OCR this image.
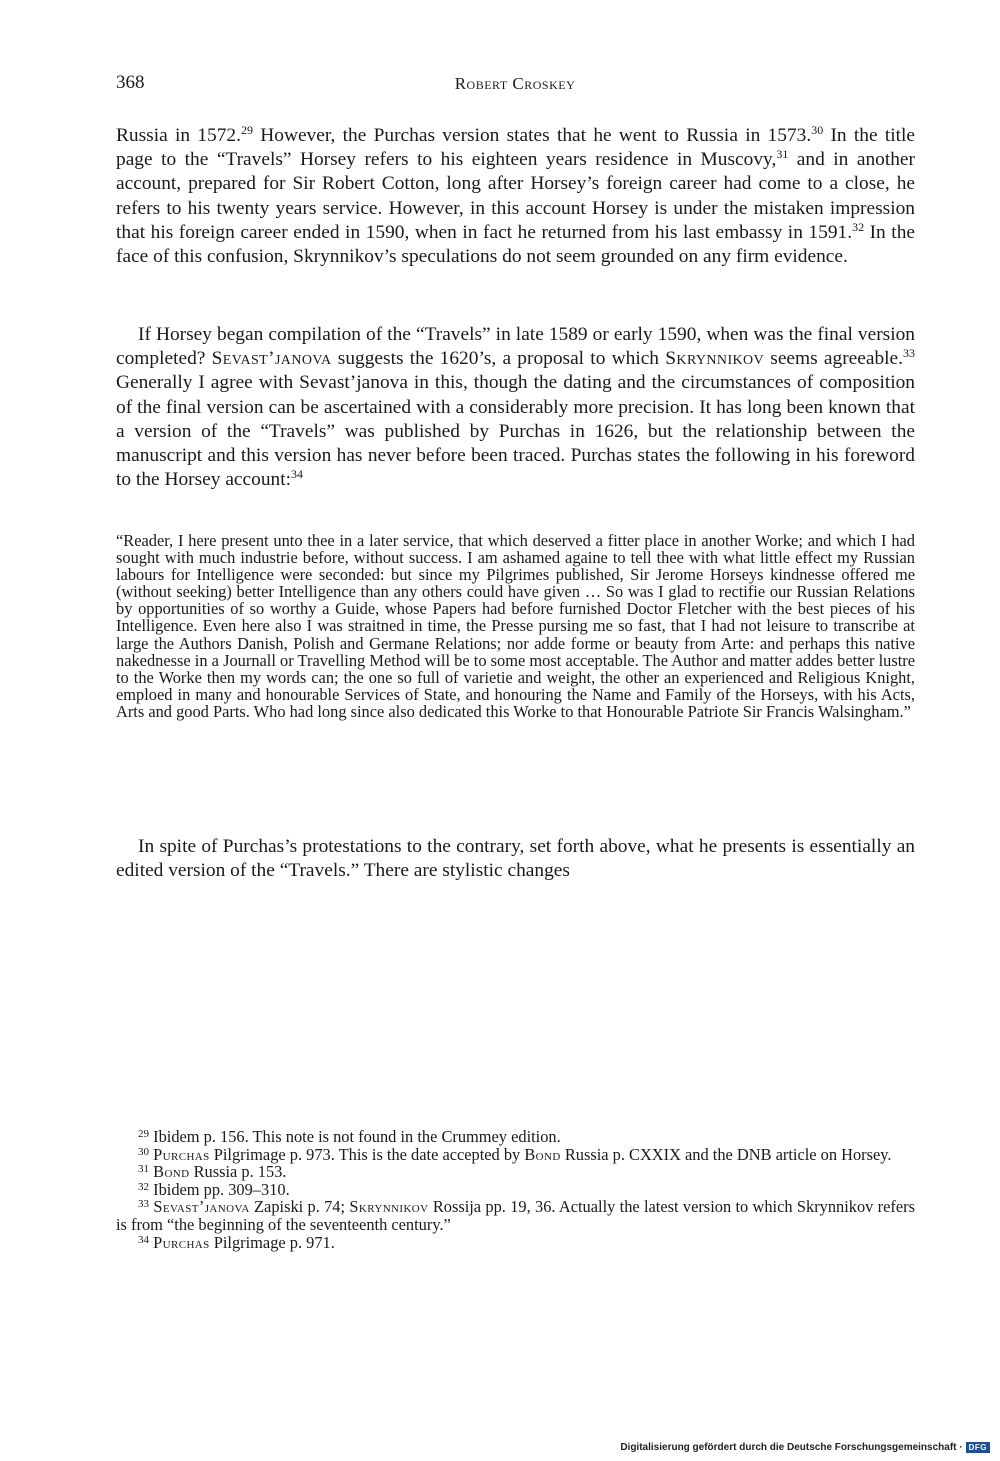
368	Robert Croskey

Russia in 1572.29 However, the Purchas version states that he went to Russia in 1573.30 In the title page to the “Travels” Horsey refers to his eighteen years residence in Muscovy,$^{31}$ and in another account, prepared for Sir Robert Cotton, long after Horsey’s foreign career had come to a close, he refers to his twenty years service. However, in this account Horsey is under the mistaken impression that his foreign career ended in 1590, when in fact he returned from his last embassy in 1591.32 In the face of this confusion, Skrynnikov’s speculations do not seem grounded on any firm evidence.

If Horsey began compilation of the “Travels” in late 1589 or early 1590, when was the final version completed? Sevast’janova suggests the 1620’s, a proposal to which Skrynnikov seems agreeable.$^{33}$ Generally I agree with Sevast’janova in this, though the dating and the circumstances of composition of the final version can be ascertained with a considerably more precision. It has long been known that a version of the “Travels” was published by Purchas in 1626, but the relationship between the manuscript and this version has never before been traced. Purchas states the following in his foreword to the Horsey account:$^{34}$

“Reader, I here present unto thee in a later service, that which deserved a fitter place in another Worke; and which I had sought with much industrie before, without success. I am ashamed againe to tell thee with what little effect my Russian labours for Intelligence were seconded: but since my Pilgrimes published, Sir Jerome Horseys kindnesse offered me (without seeking) better Intelligence than any others could have given … So was I glad to rectifie our Russian Relations by opportunities of so worthy a Guide, whose Papers had before furnished Doctor Fletcher with the best pieces of his Intelligence. Even here also I was straitned in time, the Presse pursing me so fast, that I had not leisure to transcribe at large the Authors Danish, Polish and Germane Relations; nor adde forme or beauty from Arte: and perhaps this native nakednesse in a Journall or Travelling Method will be to some most acceptable. The Author and matter addes better lustre to the Worke then my words can; the one so full of varietie and weight, the other an experienced and Religious Knight, emploed in many and honourable Services of State, and honouring the Name and Family of the Horseys, with his Acts, Arts and good Parts. Who had long since also dedicated this Worke to that Honourable Patriote Sir Francis Walsingham.”

In spite of Purchas’s protestations to the contrary, set forth above, what he presents is essentially an edited version of the “Travels.” There are stylistic changes

$^{29}$ Ibidem p. 156. This note is not found in the Crummey edition.

$^{30}$ Purchas Pilgrimage p. 973. This is the date accepted by Bond Russia p. CXXIX and the DNB article on Horsey.

$^{31}$ Bond Russia p. 153.

$^{32}$ Ibidem pp. 309–310.

$^{33}$ Sevast’janova Zapiski p. 74; Skrynnikov Rossija pp. 19, 36. Actually the latest version to which Skrynnikov refers is from “the beginning of the seventeenth century.”

$^{34}$ Purchas Pilgrimage p. 971.

Digitalisierung gefördert durch die Deutsche Forschungsgemeinschaft · DFG
